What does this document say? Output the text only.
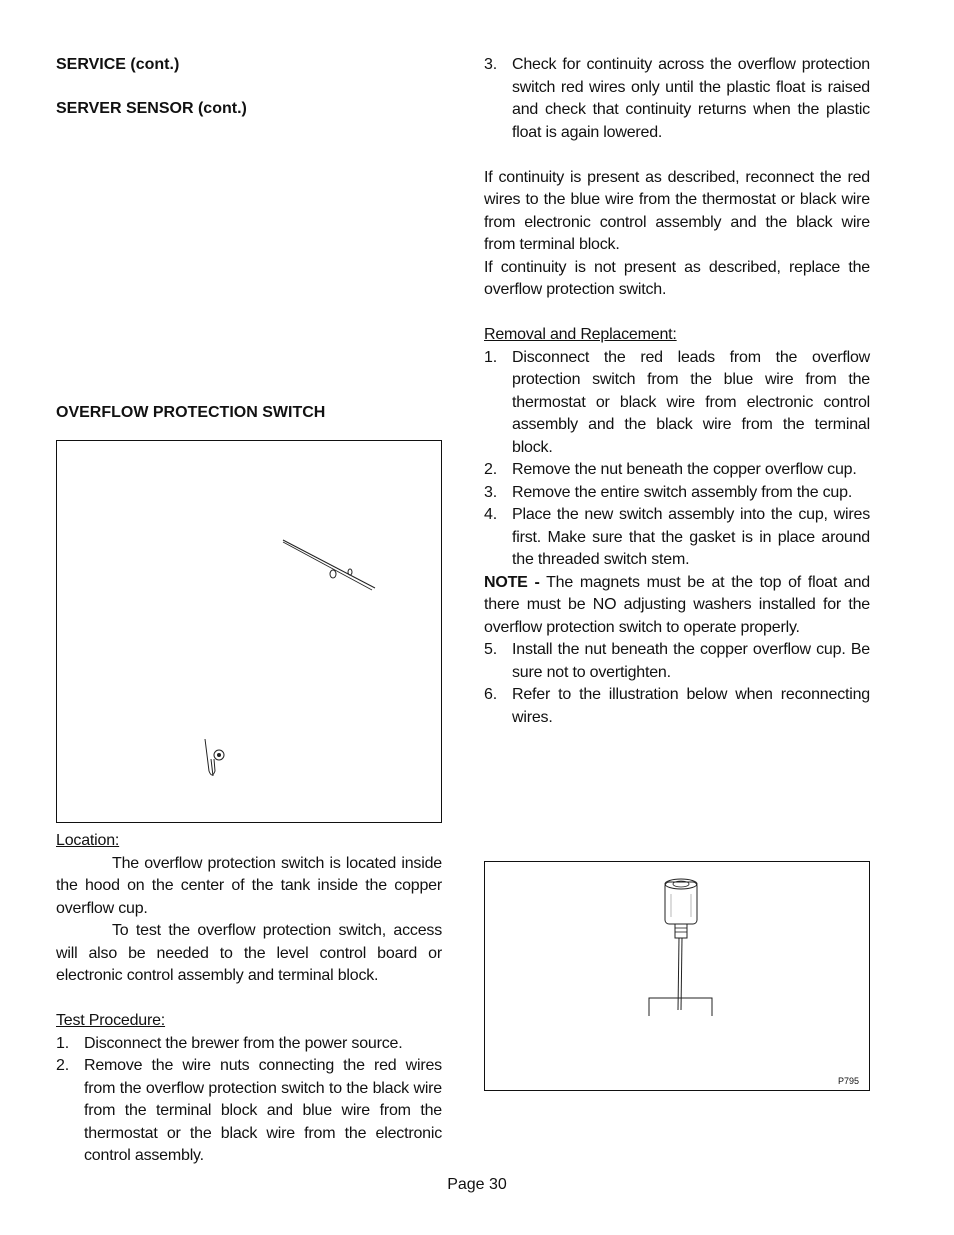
SERVICE (cont.)

SERVER SENSOR (cont.)

OVERFLOW PROTECTION SWITCH

Location:

The overflow protection switch is located inside the hood on the center of the tank inside the copper overflow cup.

To test the overflow protection switch, access will also be needed to the level control board or electronic control assembly and terminal block.

Test Procedure:

1. Disconnect the brewer from the power source.
2. Remove the wire nuts connecting the red wires from the overflow protection switch to the black wire from the terminal block and blue wire from the thermostat or the black wire from the electronic control assembly.
3. Check for continuity across the overflow protection switch red wires only until the plastic float is raised and check that continuity returns when the plastic float is again lowered.

If continuity is present as described, reconnect the red wires to the blue wire from the thermostat or black wire from electronic control assembly and the black wire from terminal block.

If continuity is not present as described, replace the overflow protection switch.

Removal and Replacement:

1. Disconnect the red leads from the overflow protection switch from the blue wire from the thermostat or black wire from electronic control assembly and the black wire from the terminal block.
2. Remove the nut beneath the copper overflow cup.
3. Remove the entire switch assembly from the cup.
4. Place the new switch assembly into the cup, wires first. Make sure that the gasket is in place around the threaded switch stem.

NOTE - The magnets must be at the top of float and there must be NO adjusting washers installed for the overflow protection switch to operate properly.

5. Install the nut beneath the copper overflow cup. Be sure not to overtighten.
6. Refer to the illustration below when reconnecting wires.
P795
Page 30
